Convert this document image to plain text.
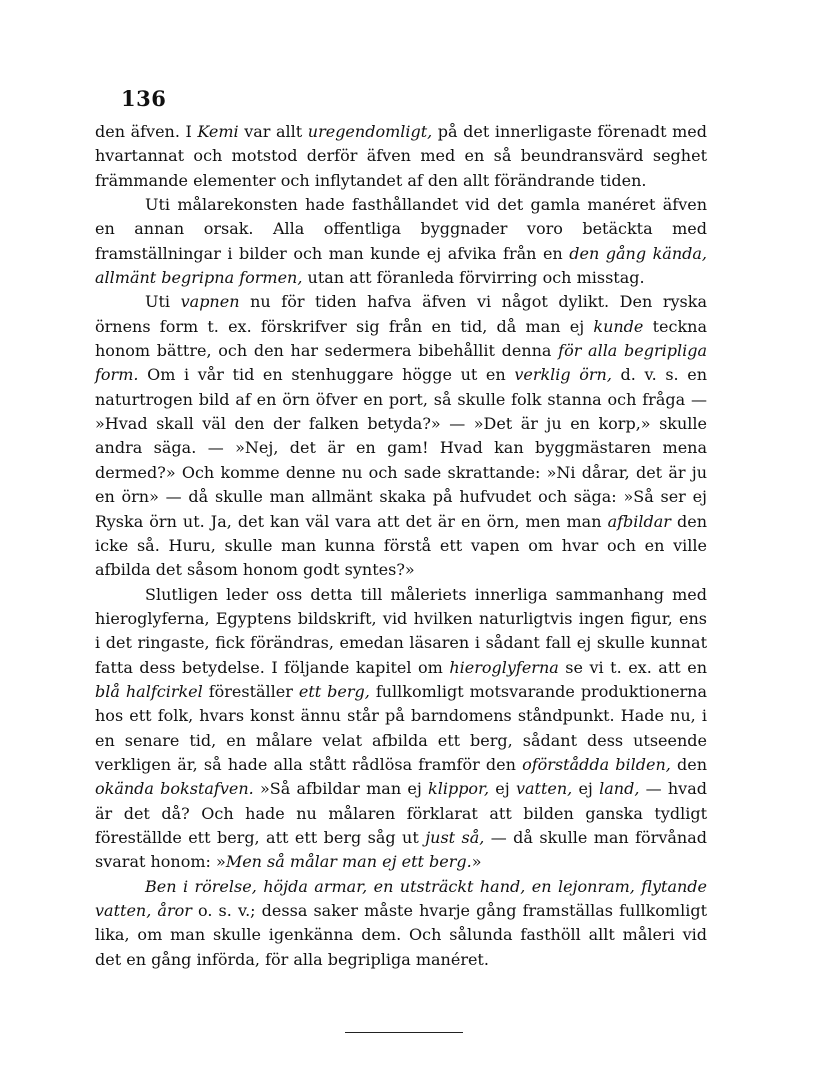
136

den äfven. I Kemi var allt uregendomligt, på det innerligaste förenadt med hvartannat och motstod derför äfven med en så beundransvärd seghet främmande elementer och inflytandet af den allt förändrande tiden.

Uti målarekonsten hade fasthållandet vid det gamla manéret äfven en annan orsak. Alla offentliga byggnader voro betäckta med framställningar i bilder och man kunde ej afvika från en den gång kända, allmänt begripna formen, utan att föranleda förvirring och misstag.

Uti vapnen nu för tiden hafva äfven vi något dylikt. Den ryska örnens form t. ex. förskrifver sig från en tid, då man ej kunde teckna honom bättre, och den har sedermera bibehållit denna för alla begripliga form. Om i vår tid en stenhuggare högge ut en verklig örn, d. v. s. en naturtrogen bild af en örn öfver en port, så skulle folk stanna och fråga — »Hvad skall väl den der falken betyda?» — »Det är ju en korp,» skulle andra säga. — »Nej, det är en gam! Hvad kan byggmästaren mena dermed?» Och komme denne nu och sade skrattande: »Ni dårar, det är ju en örn» — då skulle man allmänt skaka på hufvudet och säga: »Så ser ej Ryska örn ut. Ja, det kan väl vara att det är en örn, men man afbildar den icke så. Huru, skulle man kunna förstå ett vapen om hvar och en ville afbilda det såsom honom godt syntes?»

Slutligen leder oss detta till måleriets innerliga sammanhang med hieroglyferna, Egyptens bildskrift, vid hvilken naturligtvis ingen figur, ens i det ringaste, fick förändras, emedan läsaren i sådant fall ej skulle kunnat fatta dess betydelse. I följande kapitel om hieroglyferna se vi t. ex. att en blå halfcirkel föreställer ett berg, fullkomligt motsvarande produktionerna hos ett folk, hvars konst ännu står på barndomens ståndpunkt. Hade nu, i en senare tid, en målare velat afbilda ett berg, sådant dess utseende verkligen är, så hade alla stått rådlösa framför den oförstådda bilden, den okända bokstafven. »Så afbildar man ej klippor, ej vatten, ej land, — hvad är det då? Och hade nu målaren förklarat att bilden ganska tydligt föreställde ett berg, att ett berg såg ut just så, — då skulle man förvånad svarat honom: »Men så målar man ej ett berg.»

Ben i rörelse, höjda armar, en utsträckt hand, en lejonram, flytande vatten, åror o. s. v.; dessa saker måste hvarje gång framställas fullkomligt lika, om man skulle igenkänna dem. Och sålunda fasthöll allt måleri vid det en gång införda, för alla begripliga manéret.
